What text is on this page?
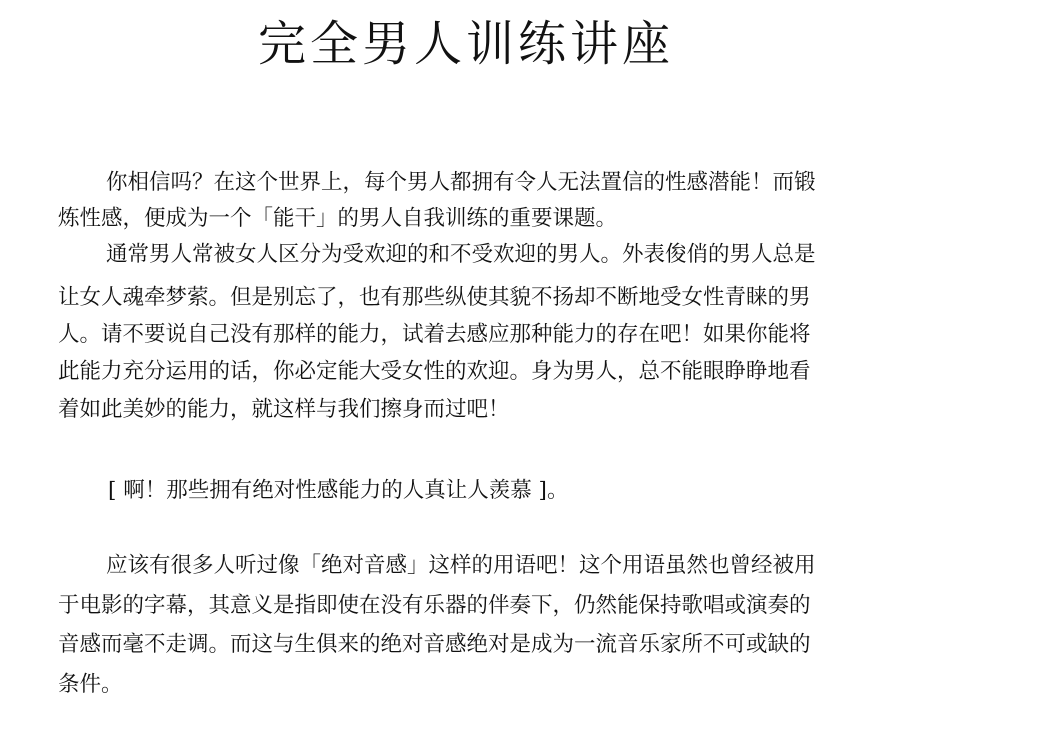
完全男人训练讲座

你相信吗？在这个世界上，每个男人都拥有令人无法置信的性感潜能！而锻

炼性感，便成为一个「能干」的男人自我训练的重要课题。

通常男人常被女人区分为受欢迎的和不受欢迎的男人。外表俊俏的男人总是

让女人魂牵梦萦。但是别忘了，也有那些纵使其貌不扬却不断地受女性青睐的男

人。请不要说自己没有那样的能力，试着去感应那种能力的存在吧！如果你能将

此能力充分运用的话，你必定能大受女性的欢迎。身为男人，总不能眼睁睁地看

着如此美妙的能力，就这样与我们擦身而过吧！

[ 啊！那些拥有绝对性感能力的人真让人羡慕 ]。

应该有很多人听过像「绝对音感」这样的用语吧！这个用语虽然也曾经被用

于电影的字幕，其意义是指即使在没有乐器的伴奏下，仍然能保持歌唱或演奏的

音感而毫不走调。而这与生俱来的绝对音感绝对是成为一流音乐家所不可或缺的

条件。
